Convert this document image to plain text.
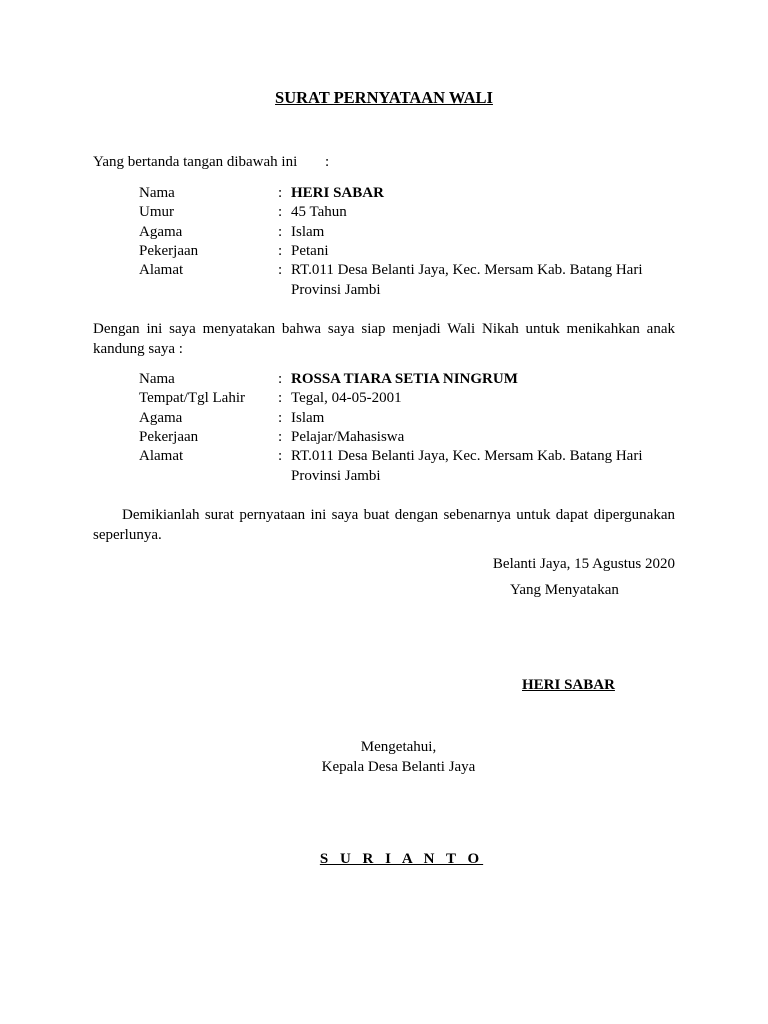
SURAT PERNYATAAN WALI
Yang bertanda tangan dibawah ini :
Nama	: HERI SABAR
Umur	: 45 Tahun
Agama	: Islam
Pekerjaan	: Petani
Alamat	: RT.011 Desa Belanti Jaya, Kec. Mersam Kab. Batang Hari Provinsi Jambi

Dengan ini saya menyatakan bahwa saya siap menjadi Wali Nikah untuk menikahkan anak kandung saya :

Nama	: ROSSA TIARA SETIA NINGRUM
Tempat/Tgl Lahir : Tegal, 04-05-2001
Agama	: Islam
Pekerjaan	: Pelajar/Mahasiswa
Alamat	: RT.011 Desa Belanti Jaya, Kec. Mersam Kab. Batang Hari Provinsi Jambi

Demikianlah surat pernyataan ini saya buat dengan sebenarnya untuk dapat dipergunakan seperlunya.

Belanti Jaya, 15 Agustus 2020
Yang Menyatakan
HERI SABAR
Mengetahui,
Kepala Desa Belanti Jaya
S U R I A N T O
